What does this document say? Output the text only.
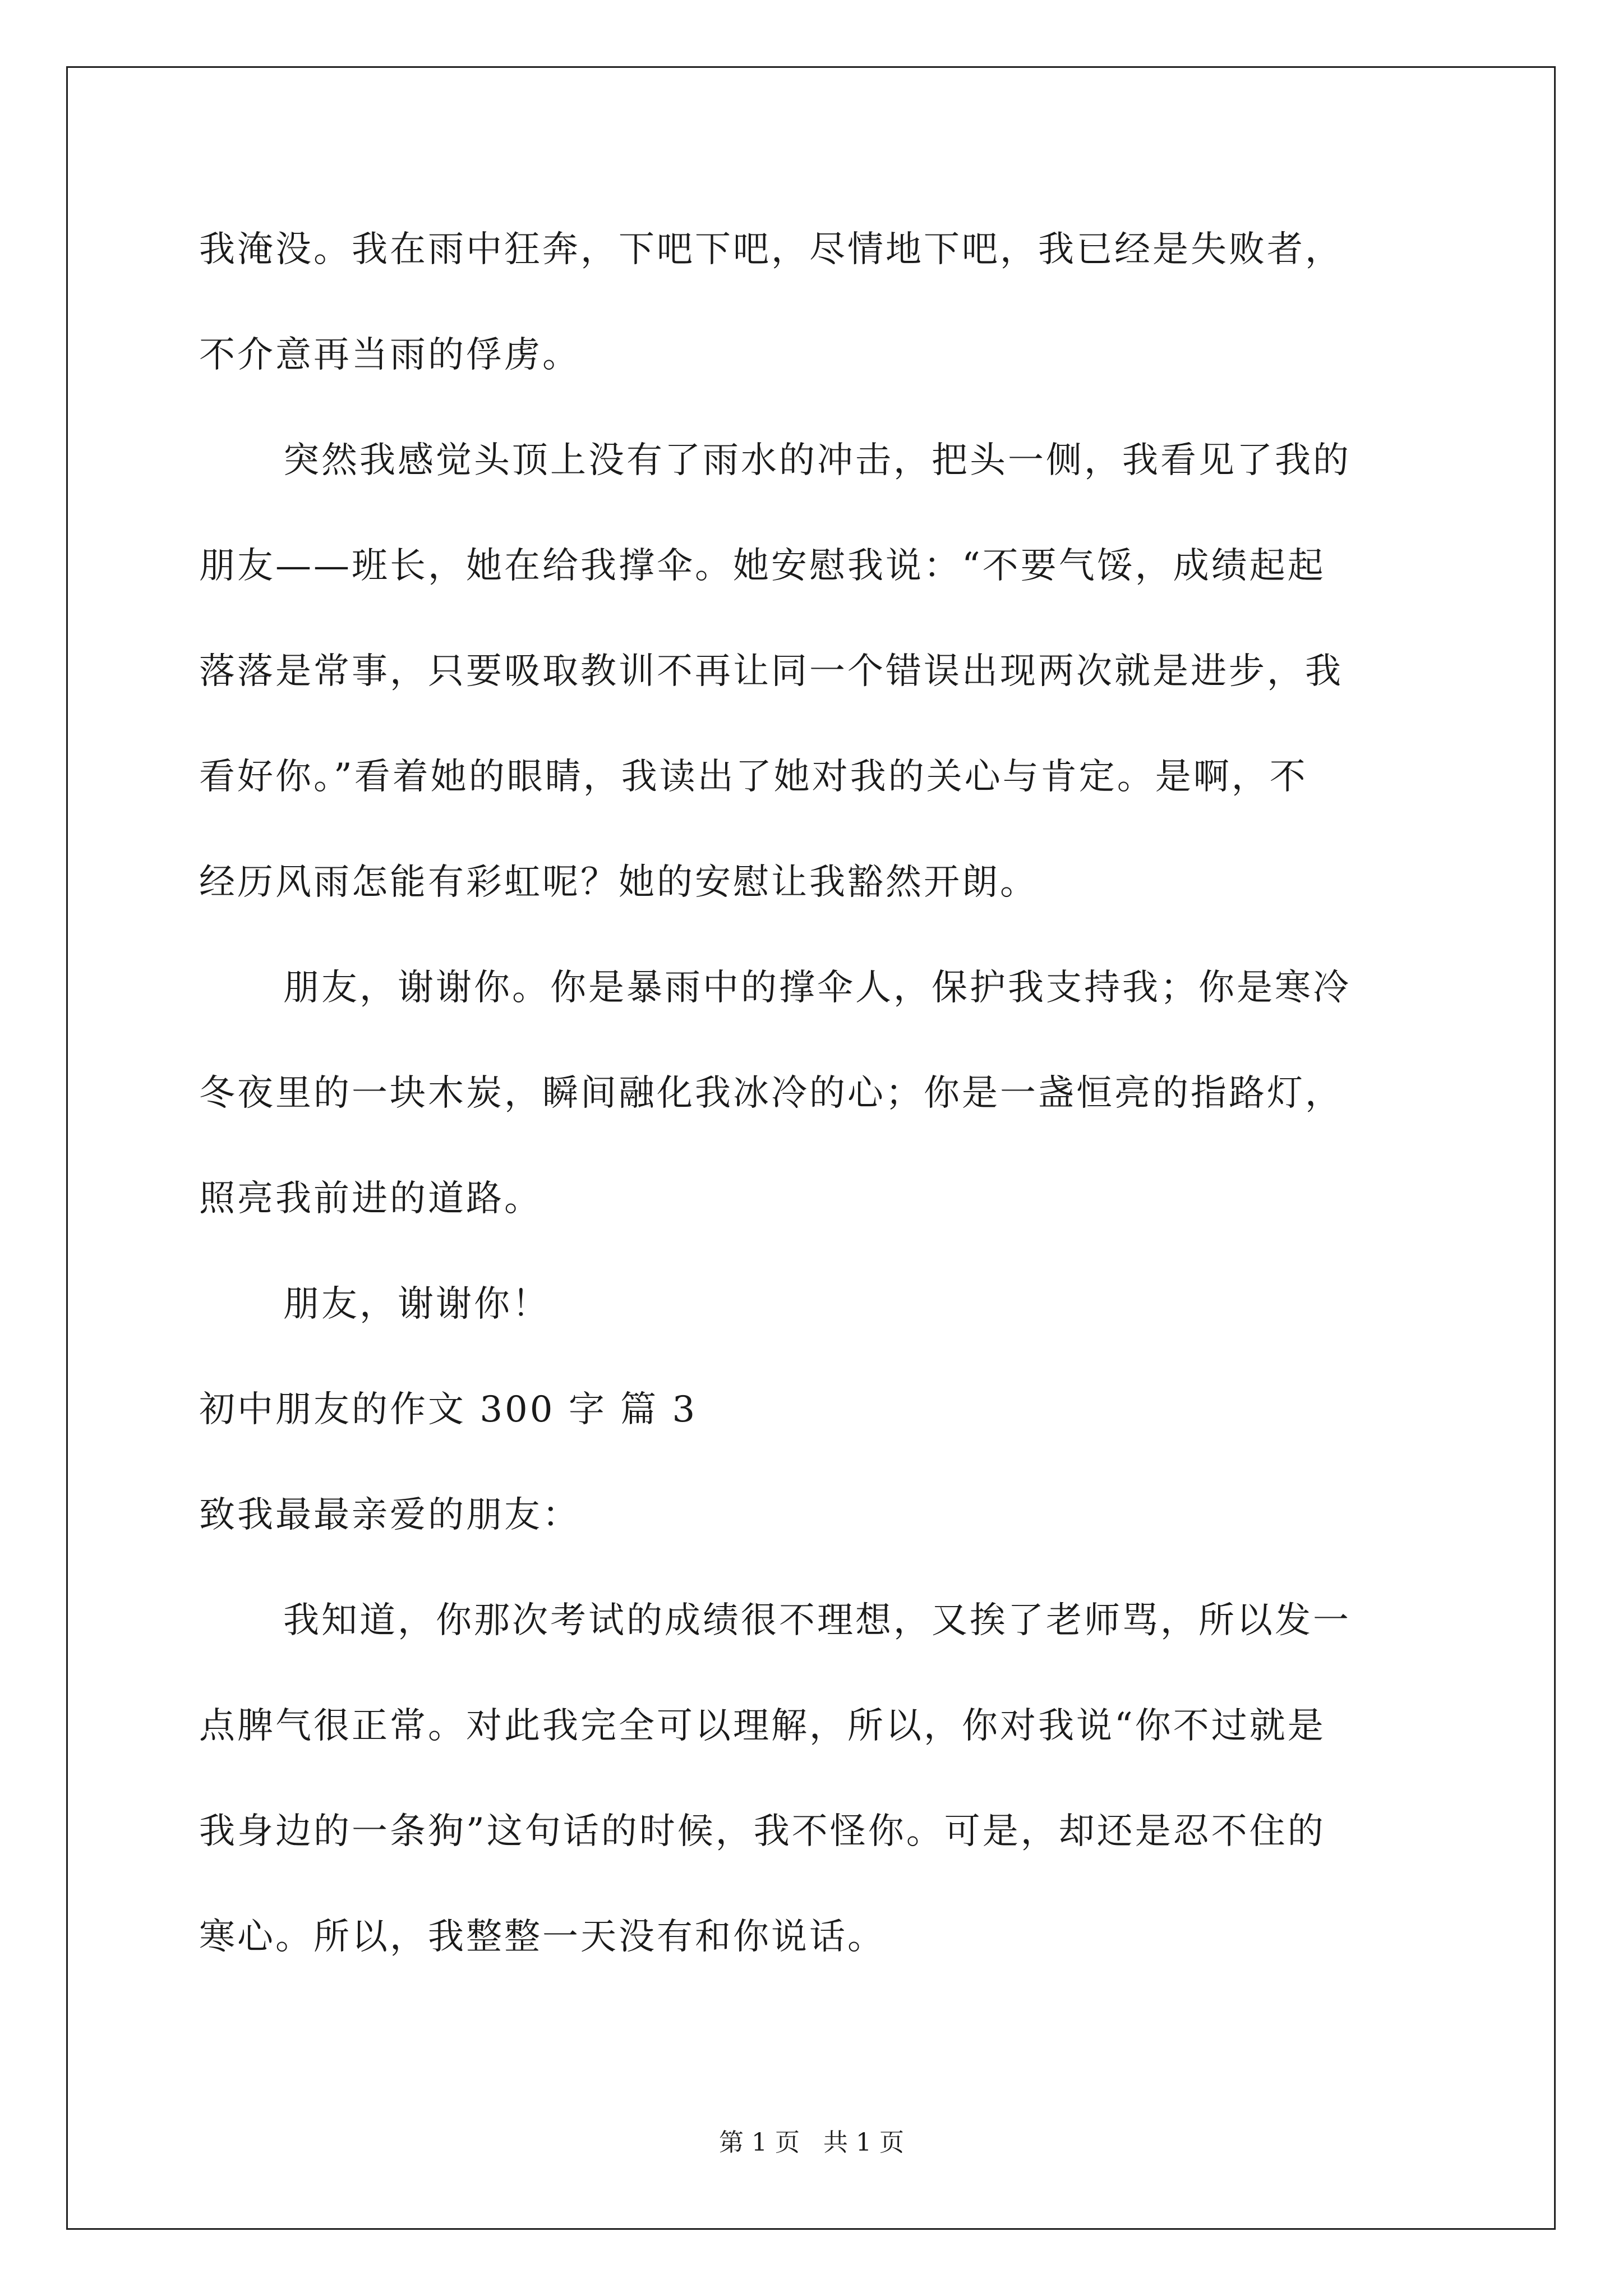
我淹没。我在雨中狂奔，下吧下吧，尽情地下吧，我已经是失败者，
不介意再当雨的俘虏。
突然我感觉头顶上没有了雨水的冲击，把头一侧，我看见了我的
朋友——班长，她在给我撑伞。她安慰我说：“不要气馁，成绩起起
落落是常事，只要吸取教训不再让同一个错误出现两次就是进步，我
看好你。”看着她的眼睛，我读出了她对我的关心与肯定。是啊，不
经历风雨怎能有彩虹呢？她的安慰让我豁然开朗。
朋友，谢谢你。你是暴雨中的撑伞人，保护我支持我；你是寒冷
冬夜里的一块木炭，瞬间融化我冰冷的心；你是一盏恒亮的指路灯，
照亮我前进的道路。
朋友，谢谢你！
初中朋友的作文 300 字 篇 3
致我最最亲爱的朋友：
我知道，你那次考试的成绩很不理想，又挨了老师骂，所以发一
点脾气很正常。对此我完全可以理解，所以，你对我说“你不过就是
我身边的一条狗”这句话的时候，我不怪你。可是，却还是忍不住的
寒心。所以，我整整一天没有和你说话。
第 1 页   共 1 页
